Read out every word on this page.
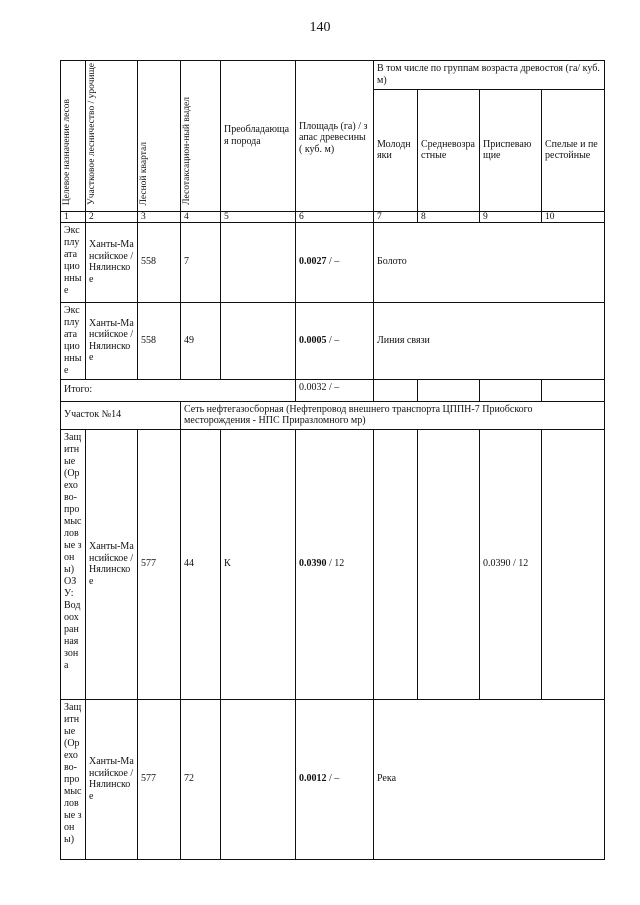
140
Целевое назначение лесов	Участковое лесничество / урочище	Лесной квартал	Лесотаксацион-ный выдел	Преобладающая порода	Площадь (га) / запас древесины ( куб. м)	В том числе по группам возраста древостоя (га/ куб. м)			
						Молодняки	Средневозрастные	Приспевающие	Спелые и перестойные
1	2	3	4	5	6	7	8	9	10
Эксплуатационные	Ханты-Мансийское / Нялинское	558	7		0.0027 / –	Болото			
Эксплуатационные	Ханты-Мансийское / Нялинское	558	49		0.0005 / –	Линия связи			
Итого:					0.0032 / –				
Участок №14			Сеть нефтегазосборная (Нефтепровод внешнего транспорта ЦППН-7 Приобского месторождения - НПС Приразломного мр)						
Защитные (Орехово-промысловые зоны) ОЗУ: Водоохранная зона	Ханты-Мансийское / Нялинское	577	44	К	0.0390 / 12			0.0390 / 12	
Защитные (Орехово-промысловые зоны)	Ханты-Мансийское / Нялинское	577	72		0.0012 / –	Река			
